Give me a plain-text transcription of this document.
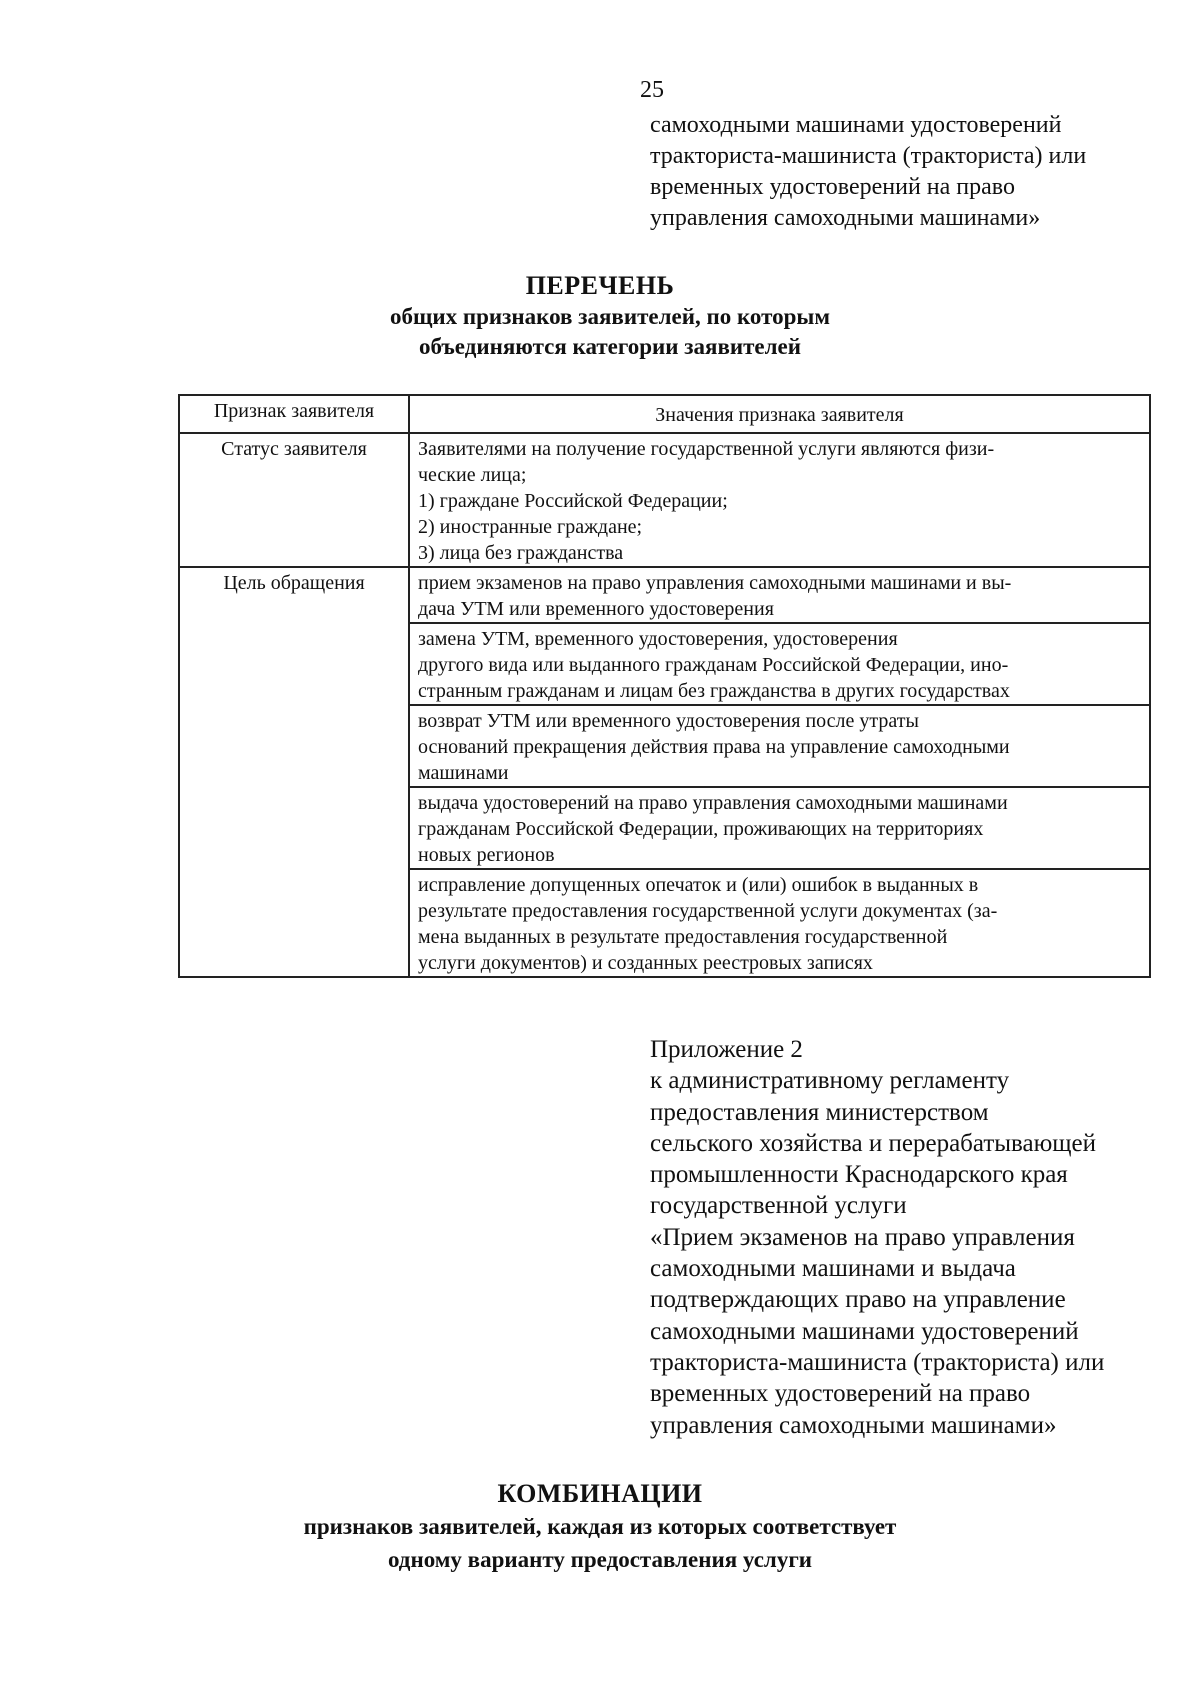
25
самоходными машинами удостоверений
тракториста-машиниста (тракториста) или
временных удостоверений на право
управления самоходными машинами»
ПЕРЕЧЕНЬ
общих признаков заявителей, по которым
объединяются категории заявителей
Признак заявителя	Значения признака заявителя
Статус заявителя	Заявителями на получение государственной услуги являются физи-
ческие лица;
1) граждане Российской Федерации;
2) иностранные граждане;
3) лица без гражданства

Цель обращения	прием экзаменов на право управления самоходными машинами и вы-
дача УТМ или временного удостоверения

	замена УТМ, временного удостоверения, удостоверения
другого вида или выданного гражданам Российской Федерации, ино-
странным гражданам и лицам без гражданства в других государствах

	возврат УТМ или временного удостоверения после утраты
оснований прекращения действия права на управление самоходными
машинами

	выдача удостоверений на право управления самоходными машинами
гражданам Российской Федерации, проживающих на территориях
новых регионов

	исправление допущенных опечаток и (или) ошибок в выданных в
результате предоставления государственной услуги документах (за-
мена выданных в результате предоставления государственной
услуги документов) и созданных реестровых записях
Приложение 2
к административному регламенту
предоставления министерством
сельского хозяйства и перерабатывающей
промышленности Краснодарского края
государственной услуги
«Прием экзаменов на право управления
самоходными машинами и выдача
подтверждающих право на управление
самоходными машинами удостоверений
тракториста-машиниста (тракториста) или
временных удостоверений на право
управления самоходными машинами»
КОМБИНАЦИИ
признаков заявителей, каждая из которых соответствует
одному варианту предоставления услуги
